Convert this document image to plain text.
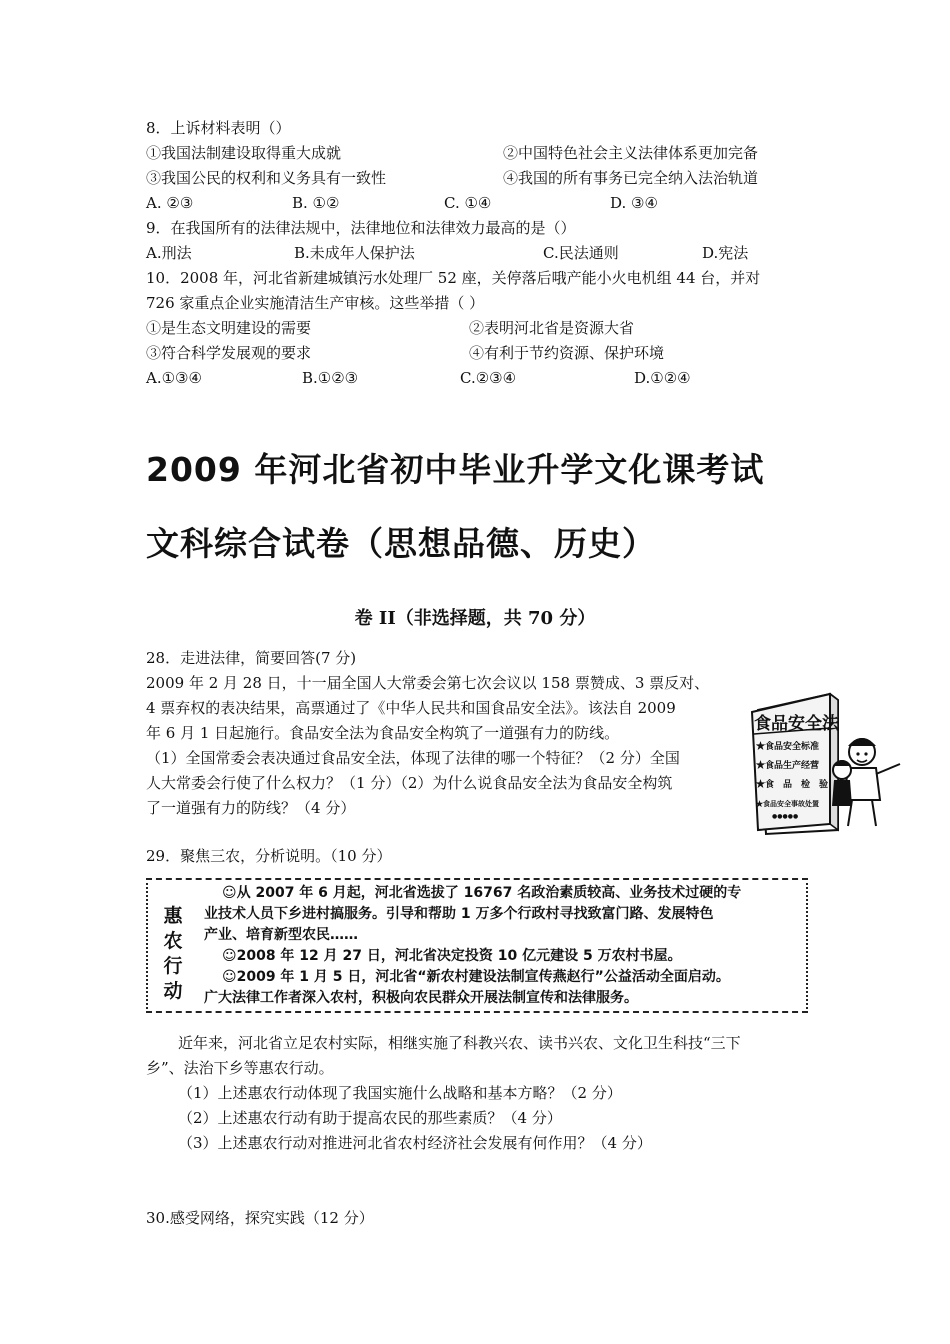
8．上诉材料表明（）
①我国法制建设取得重大成就	②中国特色社会主义法律体系更加完备
③我国公民的权利和义务具有一致性	④我国的所有事务已完全纳入法治轨道
A. ②③	B. ①②	C. ①④	D. ③④
9．在我国所有的法律法规中，法律地位和法律效力最高的是（）
A.刑法	B.未成年人保护法	C.民法通则	D.宪法
10．2008 年，河北省新建城镇污水处理厂 52 座，关停落后哦产能小火电机组 44 台，并对
726 家重点企业实施清洁生产审核。这些举措（ ）
①是生态文明建设的需要	②表明河北省是资源大省
③符合科学发展观的要求	④有利于节约资源、保护环境
A.①③④	B.①②③	C.②③④	D.①②④
2009 年河北省初中毕业升学文化课考试
文科综合试卷（思想品德、历史）
卷 II（非选择题，共 70 分）
28．走进法律，简要回答(7 分)
2009 年 2 月 28 日，十一届全国人大常委会第七次会议以 158 票赞成、3 票反对、
4 票弃权的表决结果，高票通过了《中华人民共和国食品安全法》。该法自 2009
年 6 月 1 日起施行。食品安全法为食品安全构筑了一道强有力的防线。
（1）全国常委会表决通过食品安全法，体现了法律的哪一个特征？（2 分）全国
人大常委会行使了什么权力？（1 分）（2）为什么说食品安全法为食品安全构筑
了一道强有力的防线？（4 分）
食品安全法
★食品安全标准
★食品生产经营
★食　品　检　验
★食品安全事故处置
●●●●●
29．聚焦三农，分析说明。（10 分）
惠
农
行
动
☺从 2007 年 6 月起，河北省选拔了 16767 名政治素质较高、业务技术过硬的专
业技术人员下乡进村搞服务。引导和帮助 1 万多个行政村寻找致富门路、发展特色
产业、培育新型农民……
☺2008 年 12 月 27 日，河北省决定投资 10 亿元建设 5 万农村书屋。
☺2009 年 1 月 5 日，河北省“新农村建设法制宣传燕赵行”公益活动全面启动。
广大法律工作者深入农村，积极向农民群众开展法制宣传和法律服务。
近年来，河北省立足农村实际，相继实施了科教兴农、读书兴农、文化卫生科技“三下
乡”、法治下乡等惠农行动。
（1）上述惠农行动体现了我国实施什么战略和基本方略？（2 分）
（2）上述惠农行动有助于提高农民的那些素质？（4 分）
（3）上述惠农行动对推进河北省农村经济社会发展有何作用？（4 分）
30.感受网络，探究实践（12 分）
